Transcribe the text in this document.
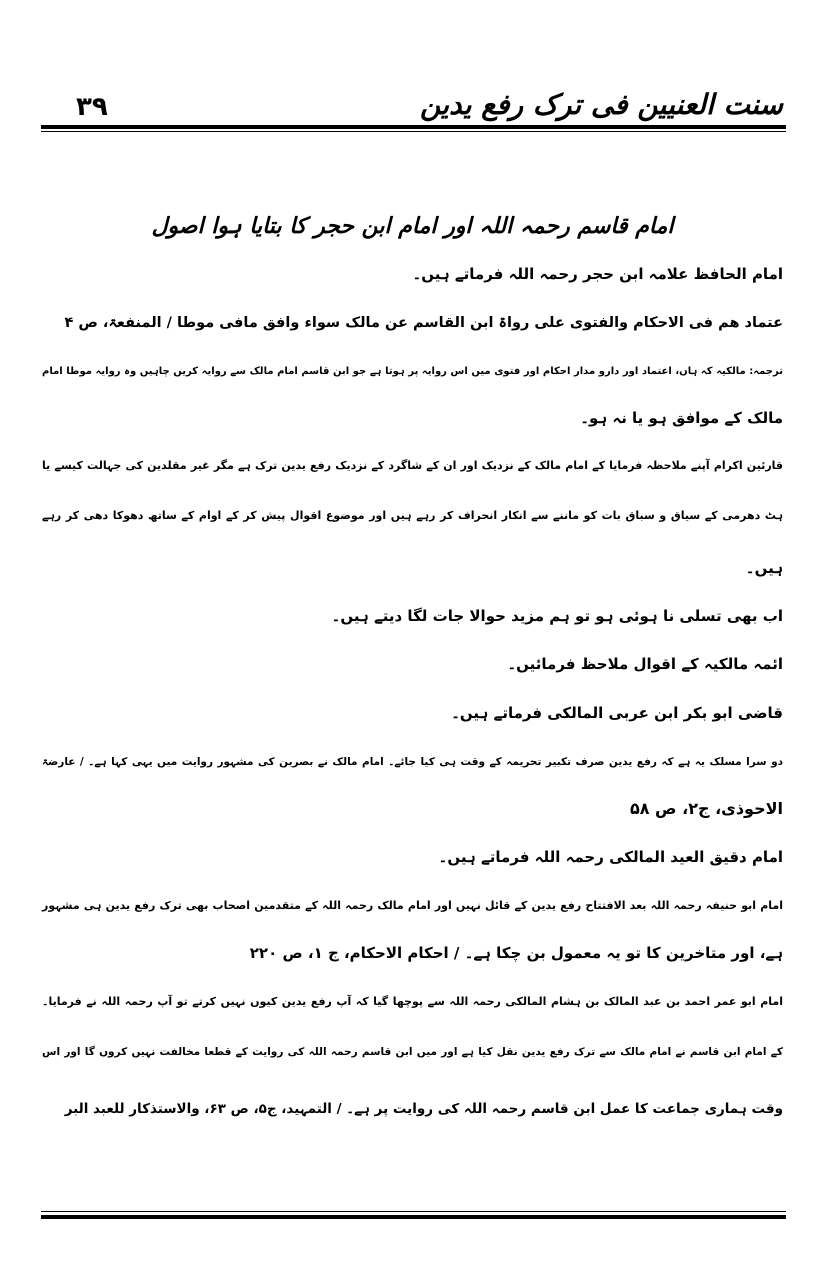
۳۹	سنت العنیین فی ترک رفع یدین
امام قاسم رحمہ اللہ اور امام ابن حجر کا بتایا ہوا اصول
امام الحافظ علامہ ابن حجر رحمہ اللہ فرماتے ہیں۔
عتماد ھم فی الاحکام والفتوی علی رواۃ ابن القاسم عن مالک سواء وافق مافی موطا / المنفعۃ، ص ۴
ترجمہ: مالکیہ کہ ہاں، اعتماد اور دارو مدار احکام اور فتوی میں اس روایہ پر ہوتا ہے جو ابن قاسم امام مالک سے روایہ کریں چاہیں وہ روایہ موطا امام
مالک کے موافق ہو یا نہ ہو۔
قارئین اکرام آپنے ملاحظہ فرمایا کے امام مالک کے نزدیک اور ان کے شاگرد کے نزدیک رفع یدین ترک ہے مگر غیر مقلدین کی جہالت کیسے یا
ہٹ دھرمی کے سیاق و سباق بات کو ماننے سے انکار انحراف کر رہے ہیں اور موضوع اقوال پیش کر کے اوام کے ساتھ دھوکا دھی کر رہے
ہیں۔
اب بھی تسلی نا ہوئی ہو تو ہم مزید حوالا جات لگا دیتے ہیں۔
ائمہ مالکیہ کے اقوال ملاحظ فرمائیں۔
قاضی ابو بکر ابن عربی المالکی فرماتے ہیں۔
دو سرا مسلک یہ ہے کہ رفع یدین صرف تکبیر تحریمہ کے وقت ہی کیا جائے۔ امام مالک نے بصرین کی مشہور روایت میں یہی کہا ہے۔ / عارضۃ
الاحوذی، ج۲، ص ۵۸
امام دقیق العید المالکی رحمہ اللہ فرماتے ہیں۔
امام ابو حنیفہ رحمہ اللہ بعد الافتتاح رفع یدین کے قائل نہیں اور امام مالک رحمہ اللہ کے متقدمین اصحاب بھی ترک رفع یدین ہی مشہور
ہے، اور متاخرین کا تو یہ معمول بن چکا ہے۔ / احکام الاحکام، ج ۱، ص ۲۲۰
امام ابو عمر احمد بن عبد المالک بن ہشام المالکی رحمہ اللہ سے پوچھا گیا کہ آپ رفع یدین کیوں نہیں کرتے تو آپ رحمہ اللہ نے فرمایا۔
کے امام ابن قاسم نے امام مالک سے ترک رفع یدین نقل کیا ہے اور میں ابن قاسم رحمہ اللہ کی روایت کے قطعا مخالفت نہیں کروں گا اور اس
وقت ہماری جماعت کا عمل ابن قاسم رحمہ اللہ کی روایت پر ہے۔ / التمہید، ج۵، ص ۶۳، والاستذکار للعبد البر
